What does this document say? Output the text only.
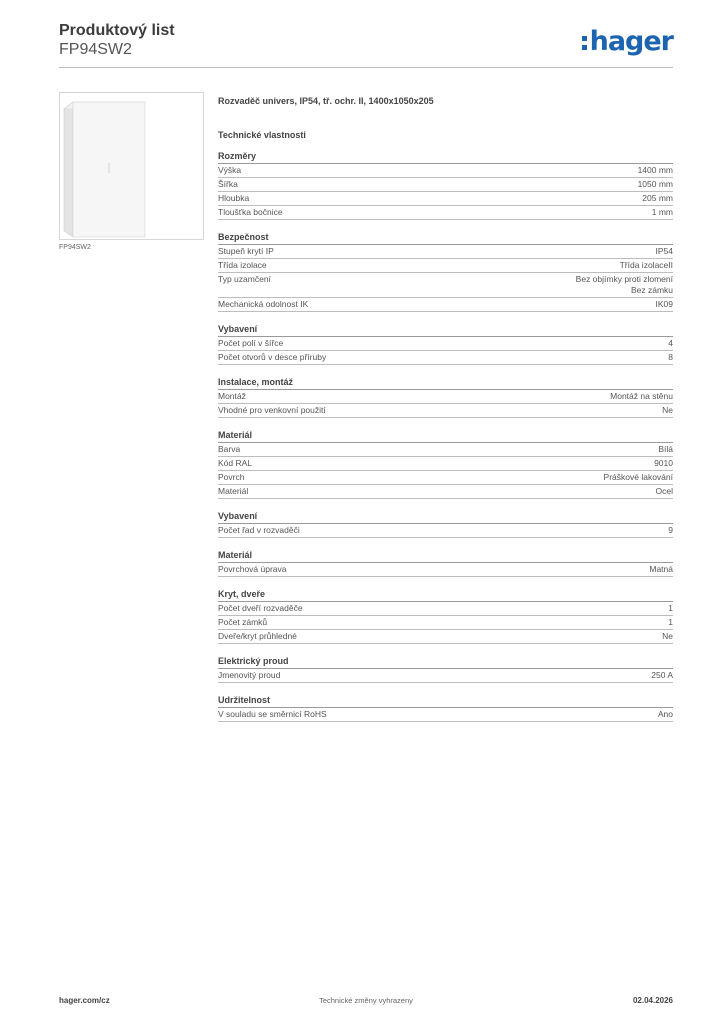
Produktový list
FP94SW2	hager
FP94SW2
Rozvaděč univers, IP54, tř. ochr. II, 1400x1050x205
Technické vlastnosti
Rozměry
Výška	1400 mm
Šířka	1050 mm
Hloubka	205 mm
Tloušťka bočnice	1 mm
Bezpečnost
Stupeň krytí IP	IP54
Třída izolace	Třída izolaceII
Typ uzamčení	Bez objímky proti zlomení
Bez zámku
Mechanická odolnost IK	IK09
Vybavení
Počet polí v šířce	4
Počet otvorů v desce příruby	8
Instalace, montáž
Montáž	Montáž na stěnu
Vhodné pro venkovní použití	Ne
Materiál
Barva	Bílá
Kód RAL	9010
Povrch	Práškové lakování
Materiál	Ocel
Vybavení
Počet řad v rozvaděči	9
Materiál
Povrchová úprava	Matná
Kryt, dveře
Počet dveří rozvaděče	1
Počet zámků	1
Dveře/kryt průhledné	Ne
Elektrický proud
Jmenovitý proud	250 A
Udržitelnost
V souladu se směrnicí RoHS	Ano
Technické změny vyhrazeny
hager.com/cz	02.04.2026
